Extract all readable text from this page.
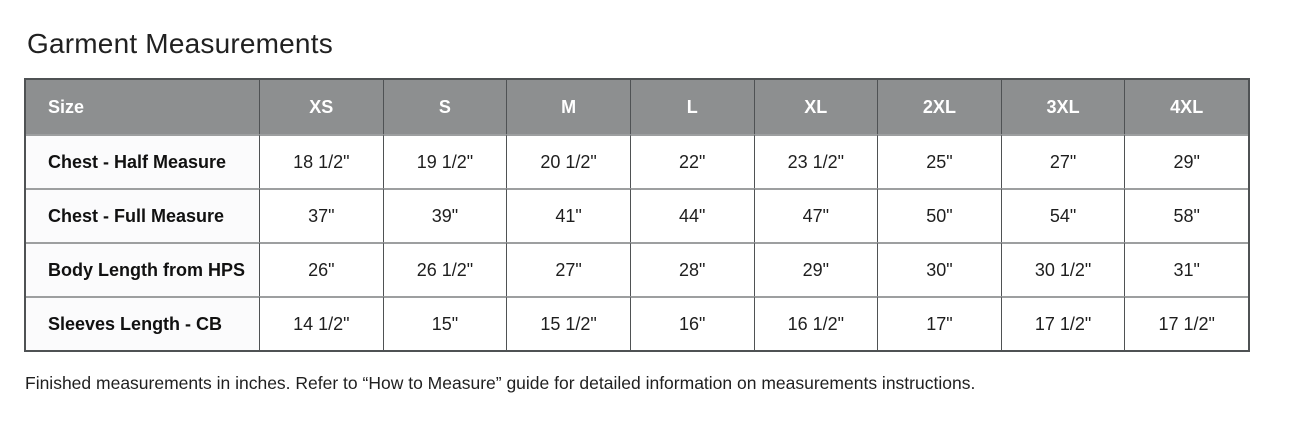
Garment Measurements
Size	XS	S	M	L	XL	2XL	3XL	4XL
Chest - Half Measure	18 1/2"	19 1/2"	20 1/2"	22"	23 1/2"	25"	27"	29"
Chest - Full Measure	37"	39"	41"	44"	47"	50"	54"	58"
Body Length from HPS	26"	26 1/2"	27"	28"	29"	30"	30 1/2"	31"
Sleeves Length - CB	14 1/2"	15"	15 1/2"	16"	16 1/2"	17"	17 1/2"	17 1/2"

Finished measurements in inches. Refer to “How to Measure” guide for detailed information on measurements instructions.
